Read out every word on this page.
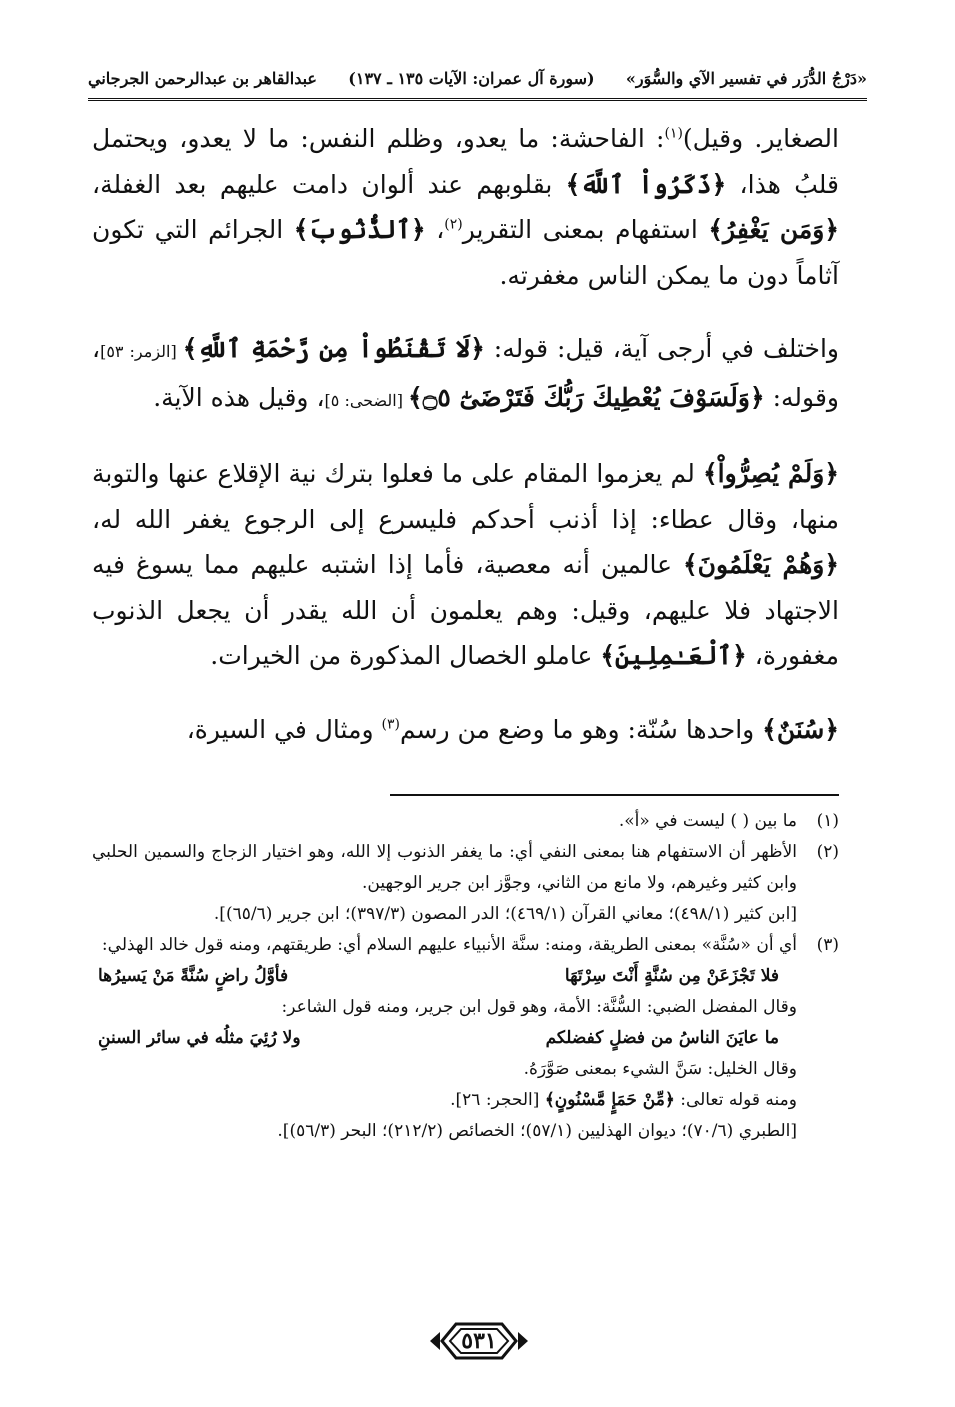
«دَرْجُ الدُّرَر في تفسير الآي والسُّوَر»
(سورة آل عمران: الآيات ١٣٥ ـ ١٣٧)
عبدالقاهر بن عبدالرحمن الجرجاني

الصغاير. وقيل)$^{(١)}$: الفاحشة: ما يعدو، وظلم النفس: ما لا يعدو، ويحتمل قلبُ هذا، ﴿ذَكَرُواْ ٱللَّهَ﴾ بقلوبهم عند ألوان دامت عليهم بعد الغفلة، ﴿وَمَن يَغْفِرُ﴾ استفهام بمعنى التقرير$^{(٢)}$، ﴿ٱلذُّنُوبَ﴾ الجرائم التي تكون آثاماً دون ما يمكن الناس مغفرته.

واختلف في أرجى آية، قيل: قوله: ﴿لَا تَقْنَطُواْ مِن رَّحْمَةِ ٱللَّهِ﴾ [الزمر: ٥٣]، وقوله: ﴿وَلَسَوْفَ يُعْطِيكَ رَبُّكَ فَتَرْضَىٰٓ ۝٥﴾ [الضحى: ٥]، وقيل هذه الآية.

﴿وَلَمْ يُصِرُّواْ﴾ لم يعزموا المقام على ما فعلوا بترك نية الإقلاع عنها والتوبة منها، وقال عطاء: إذا أذنب أحدكم فليسرع إلى الرجوع يغفر الله له، ﴿وَهُمْ يَعْلَمُونَ﴾ عالمين أنه معصية، فأما إذا اشتبه عليهم مما يسوغ فيه الاجتهاد فلا عليهم، وقيل: وهم يعلمون أن الله يقدر أن يجعل الذنوب مغفورة، ﴿ٱلْعَـٰمِلِينَ﴾ عاملو الخصال المذكورة من الخيرات.

﴿سُنَنٌ﴾ واحدها سُنّة: وهو ما وضع من رسم$^{(٣)}$ ومثال في السيرة،

(١)
ما بين ( ) ليست في «أ».
(٢)
الأظهر أن الاستفهام هنا بمعنى النفي أي: ما يغفر الذنوب إلا الله، وهو اختيار الزجاج والسمين الحلبي وابن كثير وغيرهم، ولا مانع من الثاني، وجوَّز ابن جرير الوجهين.
[ابن كثير (٤٩٨/١)؛ معاني القرآن (٤٦٩/١)؛ الدر المصون (٣٩٧/٣)؛ ابن جرير (٦٥/٦)].
(٣)
أي أن «سُنَّة» بمعنى الطريقة، ومنه: سنَّة الأنبياء عليهم السلام أي: طريقتهم، ومنه قول خالد الهذلي:
فلا تَجْزَعَنْ مِن سُنَّةٍ أَنْتَ سِرْتَهَا
فأوَّلُ راضٍ سُنَّةً مَنْ يَسيرُها
وقال المفضل الضبي: السُّنَّة: الأمة، وهو قول ابن جرير، ومنه قول الشاعر:
ما عايَنَ الناسُ من فضلٍ كفضلكم
ولا رُئِيَ مثلُه في سائر السننِ
وقال الخليل: سَنَّ الشيء بمعنى صَوَّرَهُ.
ومنه قوله تعالى: ﴿مِّنْ حَمَإٍ مَّسْنُونٍ﴾ [الحجر: ٢٦].
[الطبري (٧٠/٦)؛ ديوان الهذليين (٥٧/١)؛ الخصائص (٢١٢/٢)؛ البحر (٥٦/٣)].
٥٣١
